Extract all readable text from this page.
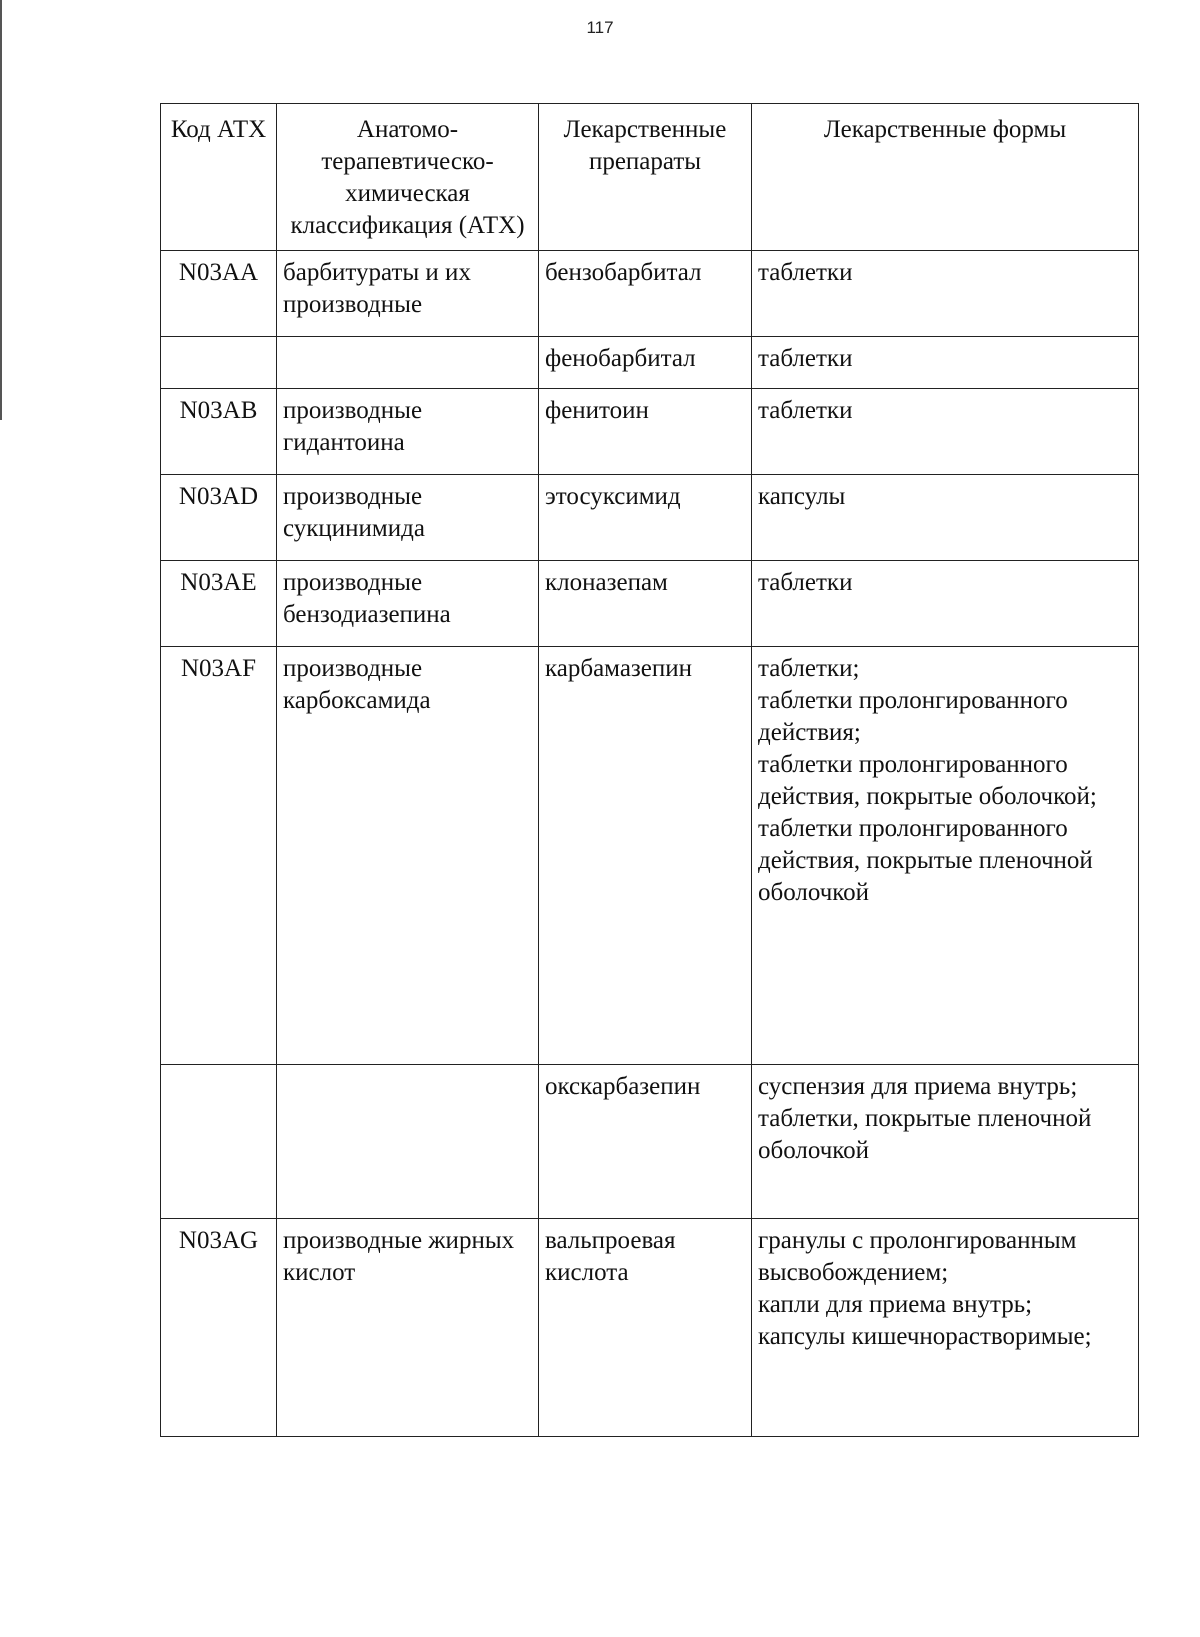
117
Код АТХ	Анатомо-терапевтическо-химическая классификация (АТХ)	Лекарственные препараты	Лекарственные формы
N03AA	барбитураты и их производные	бензобарбитал	таблетки

		фенобарбитал	таблетки

N03AB	производные гидантоина	фенитоин	таблетки

N03AD	производные сукцинимида	этосуксимид	капсулы

N03AE	производные бензодиазепина	клоназепам	таблетки

N03AF	производные карбоксамида	карбамазепин	таблетки;
таблетки пролонгированного действия;
таблетки пролонгированного действия, покрытые оболочкой;
таблетки пролонгированного действия, покрытые пленочной оболочкой

		окскарбазепин	суспензия для приема внутрь;
таблетки, покрытые пленочной оболочкой

N03AG	производные жирных кислот	вальпроевая кислота	гранулы с пролонгированным высвобождением;
капли для приема внутрь;
капсулы кишечнорастворимые;
